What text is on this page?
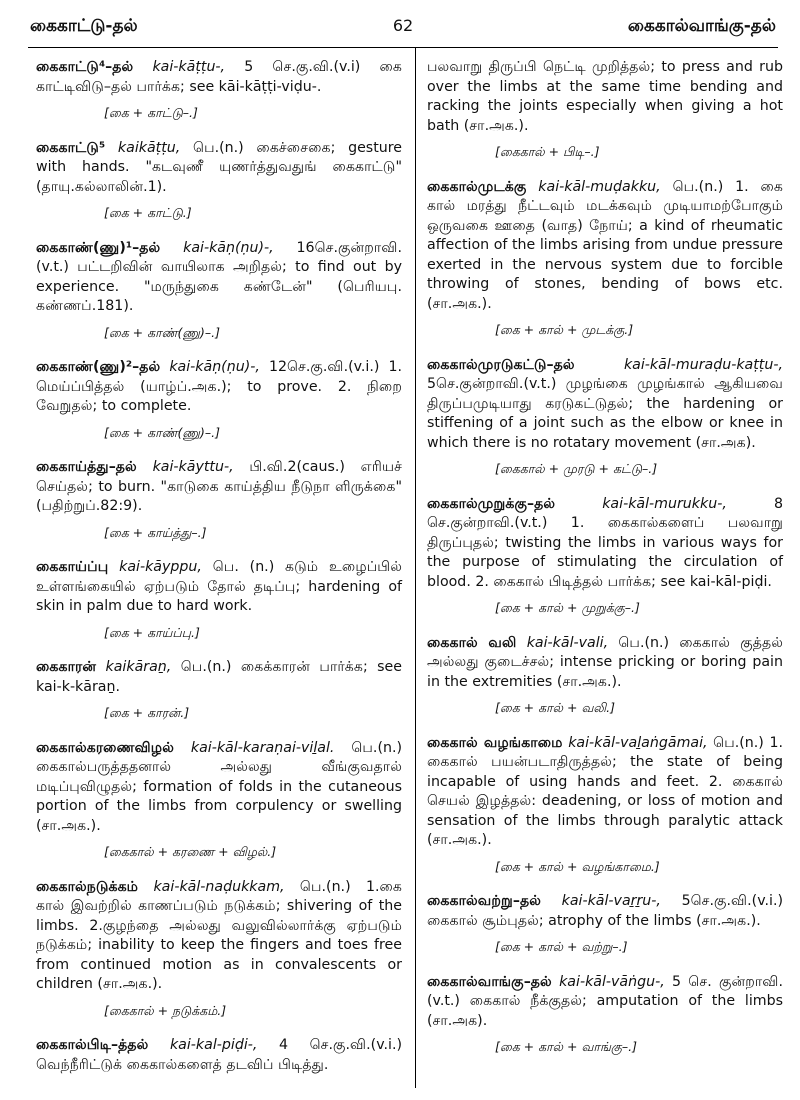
கைகாட்டு-தல்	62	கைகால்வாங்கு-தல்
கைகாட்டு⁴–தல் kai-kāṭṭu-, 5 செ.கு.வி.(v.i) கை காட்டிவிடு–தல் பார்க்க; see kāi-kāṭṭi-viḍu-.
[கை + காட்டு–.]
கைகாட்டு⁵ kaikāṭṭu, பெ.(n.) கைச்சைகை; gesture with hands. "கடவுணீ யுணர்த்துவதுங் கைகாட்டு" (தாயு.கல்லாலின்.1).
[கை + காட்டு.]
கைகாண்(ணு)¹–தல் kai-kāṇ(ṇu)-, 16செ.குன்றாவி. (v.t.) பட்டறிவின் வாயிலாக அறிதல்; to find out by experience. "மருந்துகை கண்டேன்" (பெரியபு. கண்ணப்.181).
[கை + காண்(ணு)–.]
கைகாண்(ணு)²–தல் kai-kāṇ(ṇu)-, 12செ.கு.வி.(v.i.) 1. மெய்ப்பித்தல் (யாழ்ப்.அக.); to prove. 2. நிறை வேறுதல்; to complete.
[கை + காண்(ணு)–.]
கைகாய்த்து–தல் kai-kāyttu-, பி.வி.2(caus.) எரியச் செய்தல்; to burn. "காடுகை காய்த்திய நீடுநா ளிருக்கை" (பதிற்றுப்.82:9).
[கை + காய்த்து–.]
கைகாய்ப்பு kai-kāyppu, பெ. (n.) கடும் உழைப்பில் உள்ளங்கையில் ஏற்படும் தோல் தடிப்பு; hardening of skin in palm due to hard work.
[கை + காய்ப்பு.]
கைகாரன் kaikāraṉ, பெ.(n.) கைக்காரன் பார்க்க; see kai-k-kāraṉ.
[கை + காரன்.]
கைகால்கரணைவிழல் kai-kāl-karaṇai-viḻal. பெ.(n.) கைகால்பருத்ததனால் அல்லது வீங்குவதால் மடிப்புவிழுதல்; formation of folds in the cutaneous portion of the limbs from corpulency or swelling (சா.அக.).
[கைகால் + கரணை + விழல்.]
கைகால்நடுக்கம் kai-kāl-naḍukkam, பெ.(n.) 1.கை கால் இவற்றில் காணப்படும் நடுக்கம்; shivering of the limbs. 2.குழந்தை அல்லது வலுவில்லார்க்கு ஏற்படும் நடுக்கம்; inability to keep the fingers and toes free from continued motion as in convalescents or children (சா.அக.).
[கைகால் + நடுக்கம்.]
கைகால்பிடி–த்தல் kai-kal-piḍi-, 4 செ.கு.வி.(v.i.) வெந்நீரிட்டுக் கைகால்களைத் தடவிப் பிடித்து.
பலவாறு திருப்பி நெட்டி முறித்தல்; to press and rub over the limbs at the same time bending and racking the joints especially when giving a hot bath (சா.அக.).
[கைகால் + பிடி–.]
கைகால்முடக்கு kai-kāl-muḍakku, பெ.(n.) 1. கை கால் மரத்து நீட்டவும் மடக்கவும் முடியாமற்போகும் ஒருவகை ஊதை (வாத) நோய்; a kind of rheumatic affection of the limbs arising from undue pressure exerted in the nervous system due to forcible throwing of stones, bending of bows etc. (சா.அக.).
[கை + கால் + முடக்கு.]
கைகால்முரடுகட்டு–தல்	kai-kāl-muraḍu-kaṭṭu-, 5செ.குன்றாவி.(v.t.) முழங்கை முழங்கால் ஆகியவை திருப்பமுடியாது கரடுகட்டுதல்; the hardening or stiffening of a joint such as the elbow or knee in which there is no rotatary movement (சா.அக).
[கைகால் + முரடு + கட்டு–.]
கைகால்முறுக்கு–தல்	kai-kāl-murukku-,	8 செ.குன்றாவி.(v.t.) 1. கைகால்களைப் பலவாறு திருப்புதல்; twisting the limbs in various ways for the purpose of stimulating the circulation of blood. 2. கைகால் பிடித்தல் பார்க்க; see kai-kāl-piḍi.
[கை + கால் + முறுக்கு–.]
கைகால் வலி kai-kāl-vali, பெ.(n.) கைகால் குத்தல் அல்லது குடைச்சல்; intense pricking or boring pain in the extremities (சா.அக.).
[கை + கால் + வலி.]
கைகால் வழங்காமை kai-kāl-vaḻaṅgāmai, பெ.(n.) 1. கைகால் பயன்படாதிருத்தல்; the state of being incapable of using hands and feet. 2. கைகால் செயல் இழத்தல்: deadening, or loss of motion and sensation of the limbs through paralytic attack (சா.அக.).
[கை + கால் + வழங்காமை.]
கைகால்வற்று–தல் kai-kāl-vaṟṟu-, 5செ.கு.வி.(v.i.) கைகால் சூம்புதல்; atrophy of the limbs (சா.அக.).
[கை + கால் + வற்று–.]
கைகால்வாங்கு–தல் kai-kāl-vāṅgu-, 5 செ. குன்றாவி.(v.t.) கைகால் நீக்குதல்; amputation of the limbs (சா.அக).
[கை + கால் + வாங்கு–.]
